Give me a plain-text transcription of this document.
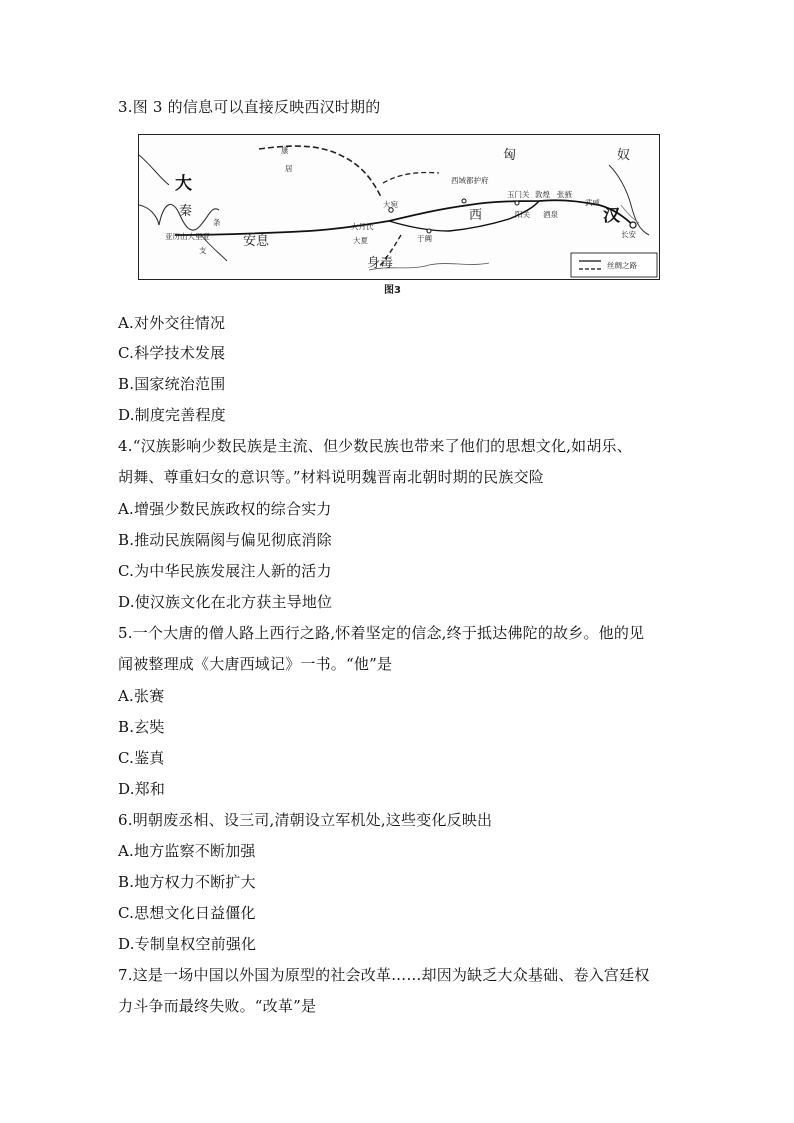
3.图 3 的信息可以直接反映西汉时期的
丝绸之路
匈	奴
汉
长安
西
安息
大
秦
条
支
亚历山大里亚
身毒
大宛
大月氏
大夏	于阗
康
居
西域都护府
玉门关 敦煌
阳关
张掖
武威
酒泉
图3
A.对外交往情况
C.科学技术发展
B.国家统治范围
D.制度完善程度
4.“汉族影响少数民族是主流、但少数民族也带来了他们的思想文化,如胡乐、
胡舞、尊重妇女的意识等。”材料说明魏晋南北朝时期的民族交险
A.增强少数民族政权的综合实力
B.推动民族隔阂与偏见彻底消除
C.为中华民族发展注人新的活力
D.使汉族文化在北方获主导地位
5.一个大唐的僧人路上西行之路,怀着坚定的信念,终于抵达佛陀的故乡。他的见
闻被整理成《大唐西域记》一书。“他”是
A.张赛
B.玄奘
C.鉴真
D.郑和
6.明朝废丞相、设三司,清朝设立军机处,这些变化反映出
A.地方监察不断加强
B.地方权力不断扩大
C.思想文化日益僵化
D.专制皇权空前强化
7.这是一场中国以外国为原型的社会改革……却因为缺乏大众基础、卷入宫廷权
力斗争而最终失败。“改革”是
